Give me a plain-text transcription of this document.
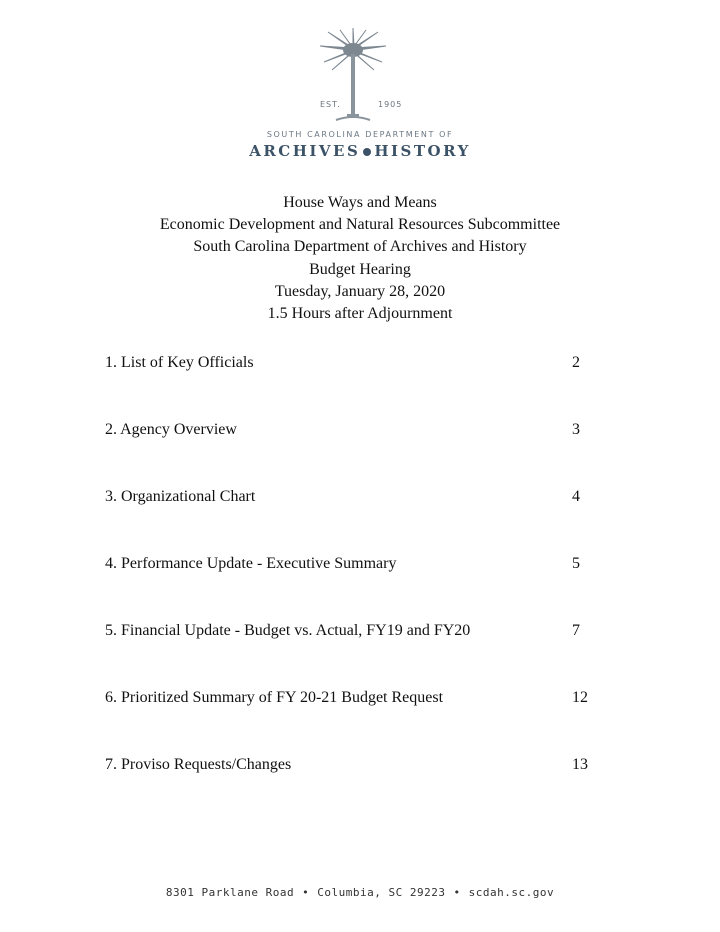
EST.	1905
SOUTH CAROLINA DEPARTMENT OF
ARCHIVES HISTORY
House Ways and Means
Economic Development and Natural Resources Subcommittee
South Carolina Department of Archives and History
Budget Hearing
Tuesday, January 28, 2020
1.5 Hours after Adjournment
1. List of Key Officials	2
2. Agency Overview	3
3. Organizational Chart	4
4. Performance Update - Executive Summary	5
5. Financial Update - Budget vs. Actual, FY19 and FY20	7
6. Prioritized Summary of FY 20-21 Budget Request	12
7. Proviso Requests/Changes	13
8301 Parklane Road • Columbia, SC 29223 • scdah.sc.gov
